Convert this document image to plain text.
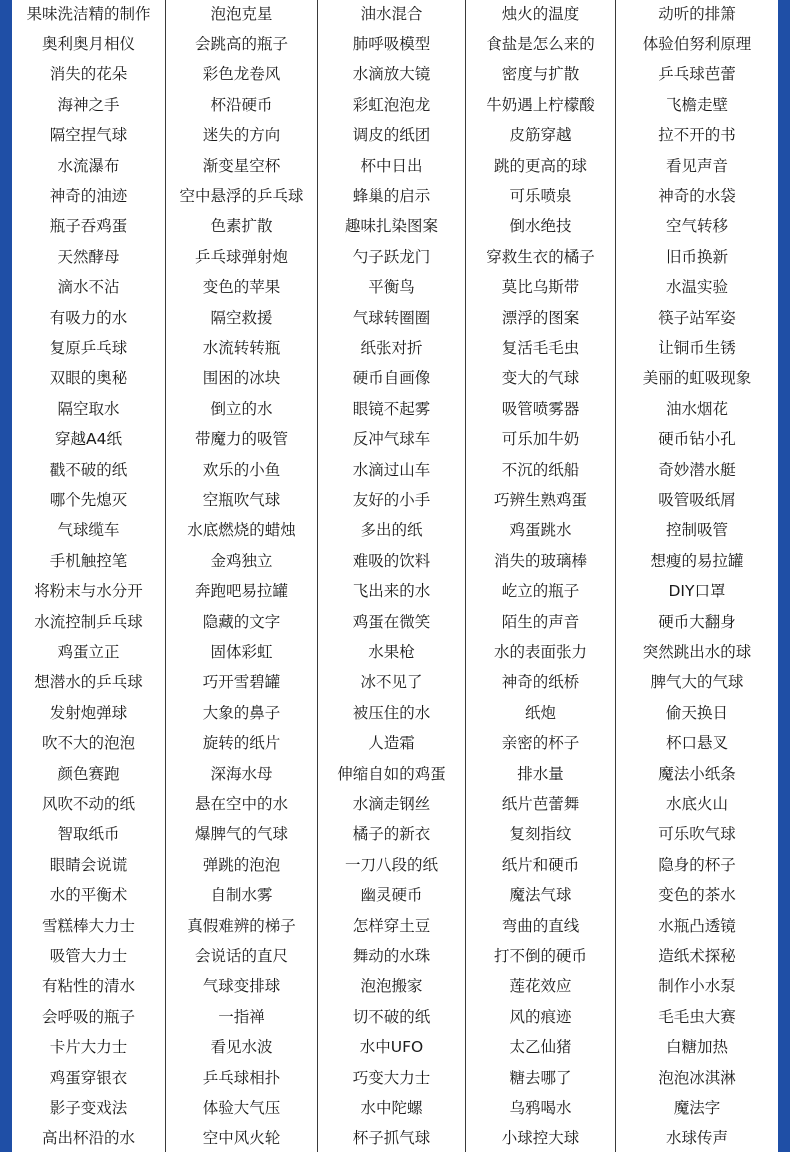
果味洗洁精的制作
奥利奥月相仪
消失的花朵
海神之手
隔空捏气球
水流瀑布
神奇的油迹
瓶子吞鸡蛋
天然酵母
滴水不沾
有吸力的水
复原乒乓球
双眼的奥秘
隔空取水
穿越A4纸
戳不破的纸
哪个先熄灭
气球缆车
手机触控笔
将粉末与水分开
水流控制乒乓球
鸡蛋立正
想潜水的乒乓球
发射炮弹球
吹不大的泡泡
颜色赛跑
风吹不动的纸
智取纸币
眼睛会说谎
水的平衡术
雪糕棒大力士
吸管大力士
有粘性的清水
会呼吸的瓶子
卡片大力士
鸡蛋穿银衣
影子变戏法
高出杯沿的水
泡泡克星
会跳高的瓶子
彩色龙卷风
杯沿硬币
迷失的方向
渐变星空杯
空中悬浮的乒乓球
色素扩散
乒乓球弹射炮
变色的苹果
隔空救援
水流转转瓶
围困的冰块
倒立的水
带魔力的吸管
欢乐的小鱼
空瓶吹气球
水底燃烧的蜡烛
金鸡独立
奔跑吧易拉罐
隐藏的文字
固体彩虹
巧开雪碧罐
大象的鼻子
旋转的纸片
深海水母
悬在空中的水
爆脾气的气球
弹跳的泡泡
自制水雾
真假难辨的梯子
会说话的直尺
气球变排球
一指禅
看见水波
乒乓球相扑
体验大气压
空中风火轮
油水混合
肺呼吸模型
水滴放大镜
彩虹泡泡龙
调皮的纸团
杯中日出
蜂巢的启示
趣味扎染图案
勺子跃龙门
平衡鸟
气球转圈圈
纸张对折
硬币自画像
眼镜不起雾
反冲气球车
水滴过山车
友好的小手
多出的纸
难吸的饮料
飞出来的水
鸡蛋在微笑
水果枪
冰不见了
被压住的水
人造霜
伸缩自如的鸡蛋
水滴走钢丝
橘子的新衣
一刀八段的纸
幽灵硬币
怎样穿土豆
舞动的水珠
泡泡搬家
切不破的纸
水中UFO
巧变大力士
水中陀螺
杯子抓气球
烛火的温度
食盐是怎么来的
密度与扩散
牛奶遇上柠檬酸
皮筋穿越
跳的更高的球
可乐喷泉
倒水绝技
穿救生衣的橘子
莫比乌斯带
漂浮的图案
复活毛毛虫
变大的气球
吸管喷雾器
可乐加牛奶
不沉的纸船
巧辨生熟鸡蛋
鸡蛋跳水
消失的玻璃棒
屹立的瓶子
陌生的声音
水的表面张力
神奇的纸桥
纸炮
亲密的杯子
排水量
纸片芭蕾舞
复刻指纹
纸片和硬币
魔法气球
弯曲的直线
打不倒的硬币
莲花效应
风的痕迹
太乙仙猪
糖去哪了
乌鸦喝水
小球控大球
动听的排箫
体验伯努利原理
乒乓球芭蕾
飞檐走壁
拉不开的书
看见声音
神奇的水袋
空气转移
旧币换新
水温实验
筷子站军姿
让铜币生锈
美丽的虹吸现象
油水烟花
硬币钻小孔
奇妙潜水艇
吸管吸纸屑
控制吸管
想瘦的易拉罐
DIY口罩
硬币大翻身
突然跳出水的球
脾气大的气球
偷天换日
杯口悬叉
魔法小纸条
水底火山
可乐吹气球
隐身的杯子
变色的茶水
水瓶凸透镜
造纸术探秘
制作小水泵
毛毛虫大赛
白糖加热
泡泡冰淇淋
魔法字
水球传声
